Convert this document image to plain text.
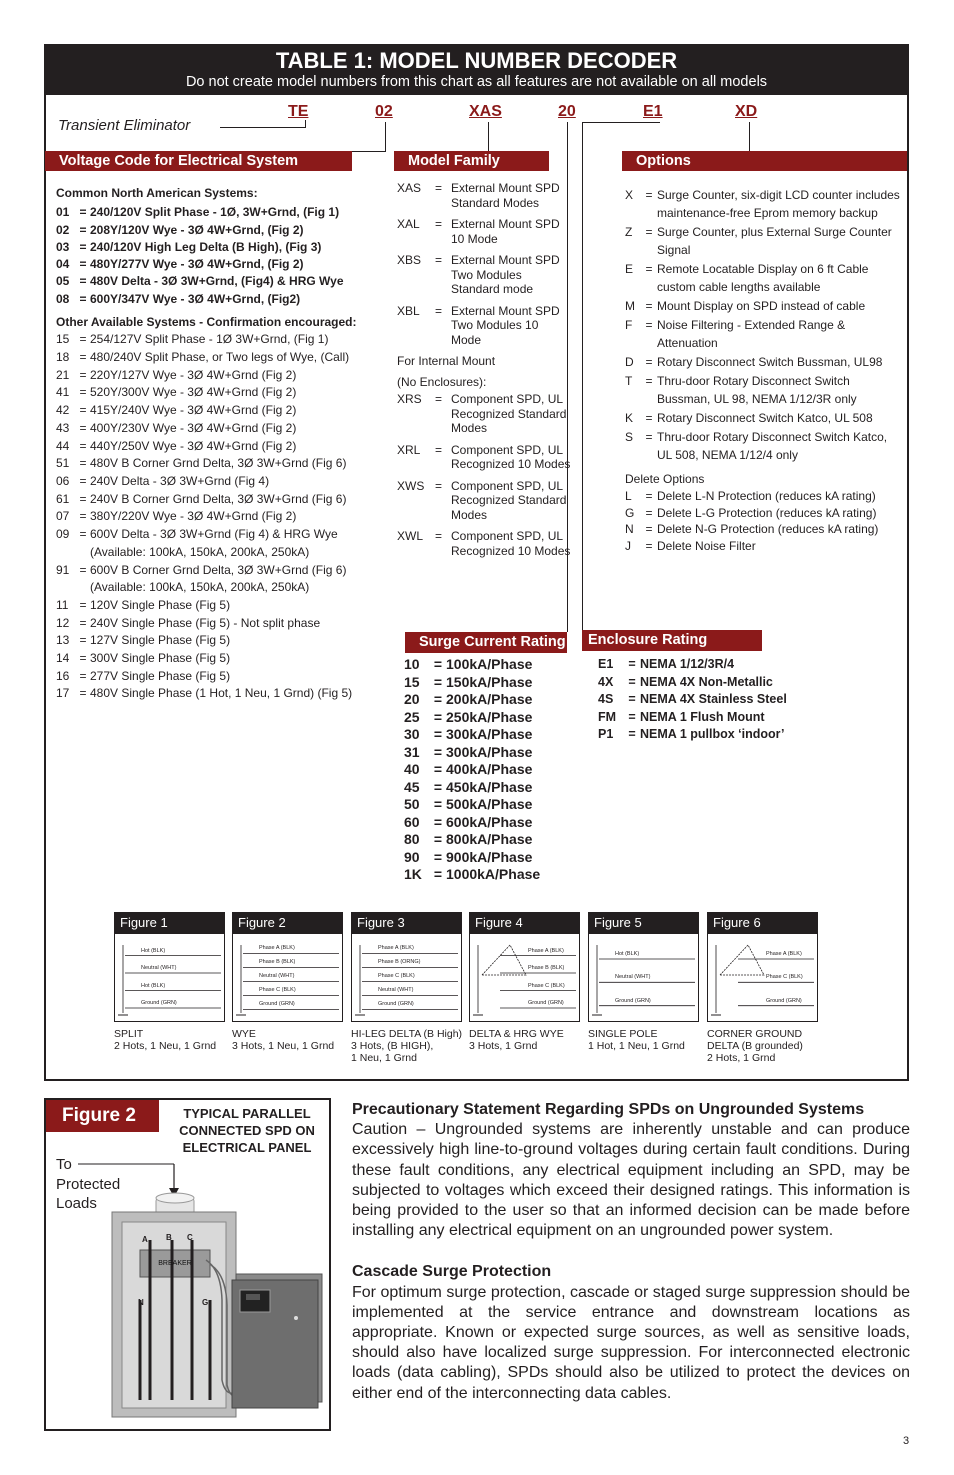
TABLE 1: MODEL NUMBER DECODER
Do not create model numbers from this chart as all features are not available on all models
Transient Eliminator
TE	02	XAS	20	E1	XD
Voltage Code for Electrical System
Common North American Systems:
01 = 240/120V Split Phase - 1Ø, 3W+Grnd, (Fig 1)
02 = 208Y/120V Wye - 3Ø 4W+Grnd, (Fig 2)
03 = 240/120V High Leg Delta (B High), (Fig 3)
04 = 480Y/277V Wye - 3Ø 4W+Grnd, (Fig 2)
05 = 480V Delta - 3Ø 3W+Grnd, (Fig4) & HRG Wye
08 = 600Y/347V Wye - 3Ø 4W+Grnd, (Fig2)
Other Available Systems - Confirmation encouraged:
15 = 254/127V Split Phase - 1Ø 3W+Grnd, (Fig 1)
18 = 480/240V Split Phase, or Two legs of Wye, (Call)
21 = 220Y/127V Wye - 3Ø 4W+Grnd (Fig 2)
41 = 520Y/300V Wye - 3Ø 4W+Grnd (Fig 2)
42 = 415Y/240V Wye - 3Ø 4W+Grnd (Fig 2)
43 = 400Y/230V Wye - 3Ø 4W+Grnd (Fig 2)
44 = 440Y/250V Wye - 3Ø 4W+Grnd (Fig 2)
51 = 480V B Corner Grnd Delta, 3Ø 3W+Grnd (Fig 6)
06 = 240V Delta - 3Ø 3W+Grnd (Fig 4)
61 = 240V B Corner Grnd Delta, 3Ø 3W+Grnd (Fig 6)
07 = 380Y/220V Wye - 3Ø 4W+Grnd (Fig 2)
09 = 600V Delta - 3Ø 3W+Grnd (Fig 4) & HRG Wye
(Available: 100kA, 150kA, 200kA, 250kA)
91 = 600V B Corner Grnd Delta, 3Ø 3W+Grnd (Fig 6)
(Available: 100kA, 150kA, 200kA, 250kA)
11 = 120V Single Phase (Fig 5)
12 = 240V Single Phase (Fig 5) - Not split phase
13 = 127V Single Phase (Fig 5)
14 = 300V Single Phase (Fig 5)
16 = 277V Single Phase (Fig 5)
17 = 480V Single Phase (1 Hot, 1 Neu, 1 Grnd) (Fig 5)
Model Family
XAS	= External Mount SPD Standard Modes
XAL	= External Mount SPD 10 Mode
XBS	= External Mount SPD Two Modules Standard mode
XBL	= External Mount SPD Two Modules 10 Mode
For Internal Mount
(No Enclosures):
XRS	= Component SPD, UL Recognized Standard Modes
XRL	= Component SPD, UL Recognized 10 Modes
XWS = Component SPD, UL Recognized Standard Modes
XWL = Component SPD, UL Recognized 10 Modes
Options
X	= Surge Counter, six-digit LCD counter includes maintenance-free Eprom memory backup
Z	= Surge Counter, plus External Surge Counter Signal
E	= Remote Locatable Display on 6 ft Cable custom cable lengths available
M = Mount Display on SPD instead of cable
F	= Noise Filtering - Extended Range & Attenuation
D = Rotary Disconnect Switch Bussman, UL98
T	= Thru-door Rotary Disconnect Switch Bussman, UL 98, NEMA 1/12/3R only
K	= Rotary Disconnect Switch Katco, UL 508
S	= Thru-door Rotary Disconnect Switch Katco, UL 508, NEMA 1/12/4 only
Delete Options
L	= Delete L-N Protection (reduces kA rating)
G = Delete L-G Protection (reduces kA rating)
N = Delete N-G Protection (reduces kA rating)
J	= Delete Noise Filter
Surge Current Rating
10	= 100kA/Phase
15	= 150kA/Phase
20	= 200kA/Phase
25	= 250kA/Phase
30	= 300kA/Phase
31	= 300kA/Phase
40	= 400kA/Phase
45	= 450kA/Phase
50	= 500kA/Phase
60	= 600kA/Phase
80	= 800kA/Phase
90	= 900kA/Phase
1K = 1000kA/Phase
Enclosure Rating
E1	= NEMA 1/12/3R/4
4X	= NEMA 4X Non-Metallic
4S	= NEMA 4X Stainless Steel
FM = NEMA 1 Flush Mount
P1	= NEMA 1 pullbox ‘indoor’
Figure 1
Hot (BLK)
Neutral (WHT)
Hot (BLK)
Ground (GRN)
SPLIT
2 Hots, 1 Neu, 1 Grnd
Figure 2
Phase A (BLK)
Phase B (BLK)
Neutral (WHT)
Phase C (BLK)
Ground (GRN)
WYE
3 Hots, 1 Neu, 1 Grnd
Figure 3
Phase A (BLK)
Phase B (ORNG)
Phase C (BLK)
Neutral (WHT)
Ground (GRN)
HI-LEG DELTA (B High)
3 Hots, (B HIGH),
1 Neu, 1 Grnd
Figure 4
Phase A (BLK)
Phase B (BLK)
Phase C (BLK)
Ground (GRN)
DELTA & HRG WYE
3 Hots, 1 Grnd
Figure 5
Hot (BLK)
Neutral (WHT)
Ground (GRN)
SINGLE POLE
1 Hot, 1 Neu, 1 Grnd
Figure 6
Phase A (BLK)
Phase C (BLK)
Ground (GRN)
CORNER GROUND
DELTA (B grounded)
2 Hots, 1 Grnd
Figure 2	TYPICAL PARALLEL
CONNECTED SPD ON
ELECTRICAL PANEL
To
Protected
Loads
A B C
N	G
BREAKER
Precautionary Statement Regarding SPDs on Ungrounded Systems

Caution – Ungrounded systems are inherently unstable and can produce excessively high line-to-ground voltages during certain fault conditions. During these fault conditions, any electrical equipment including an SPD, may be subjected to voltages which exceed their designed ratings. This information is being provided to the user so that an informed decision can be made before installing any electrical equipment on an ungrounded power system.

Cascade Surge Protection

For optimum surge protection, cascade or staged surge suppression should be implemented at the service entrance and downstream locations as appropriate. Known or expected surge sources, as well as sensitive loads, should also have localized surge suppression. For interconnected electronic loads (data cabling), SPDs should also be utilized to protect the devices on either end of the interconnecting data cables.

3
